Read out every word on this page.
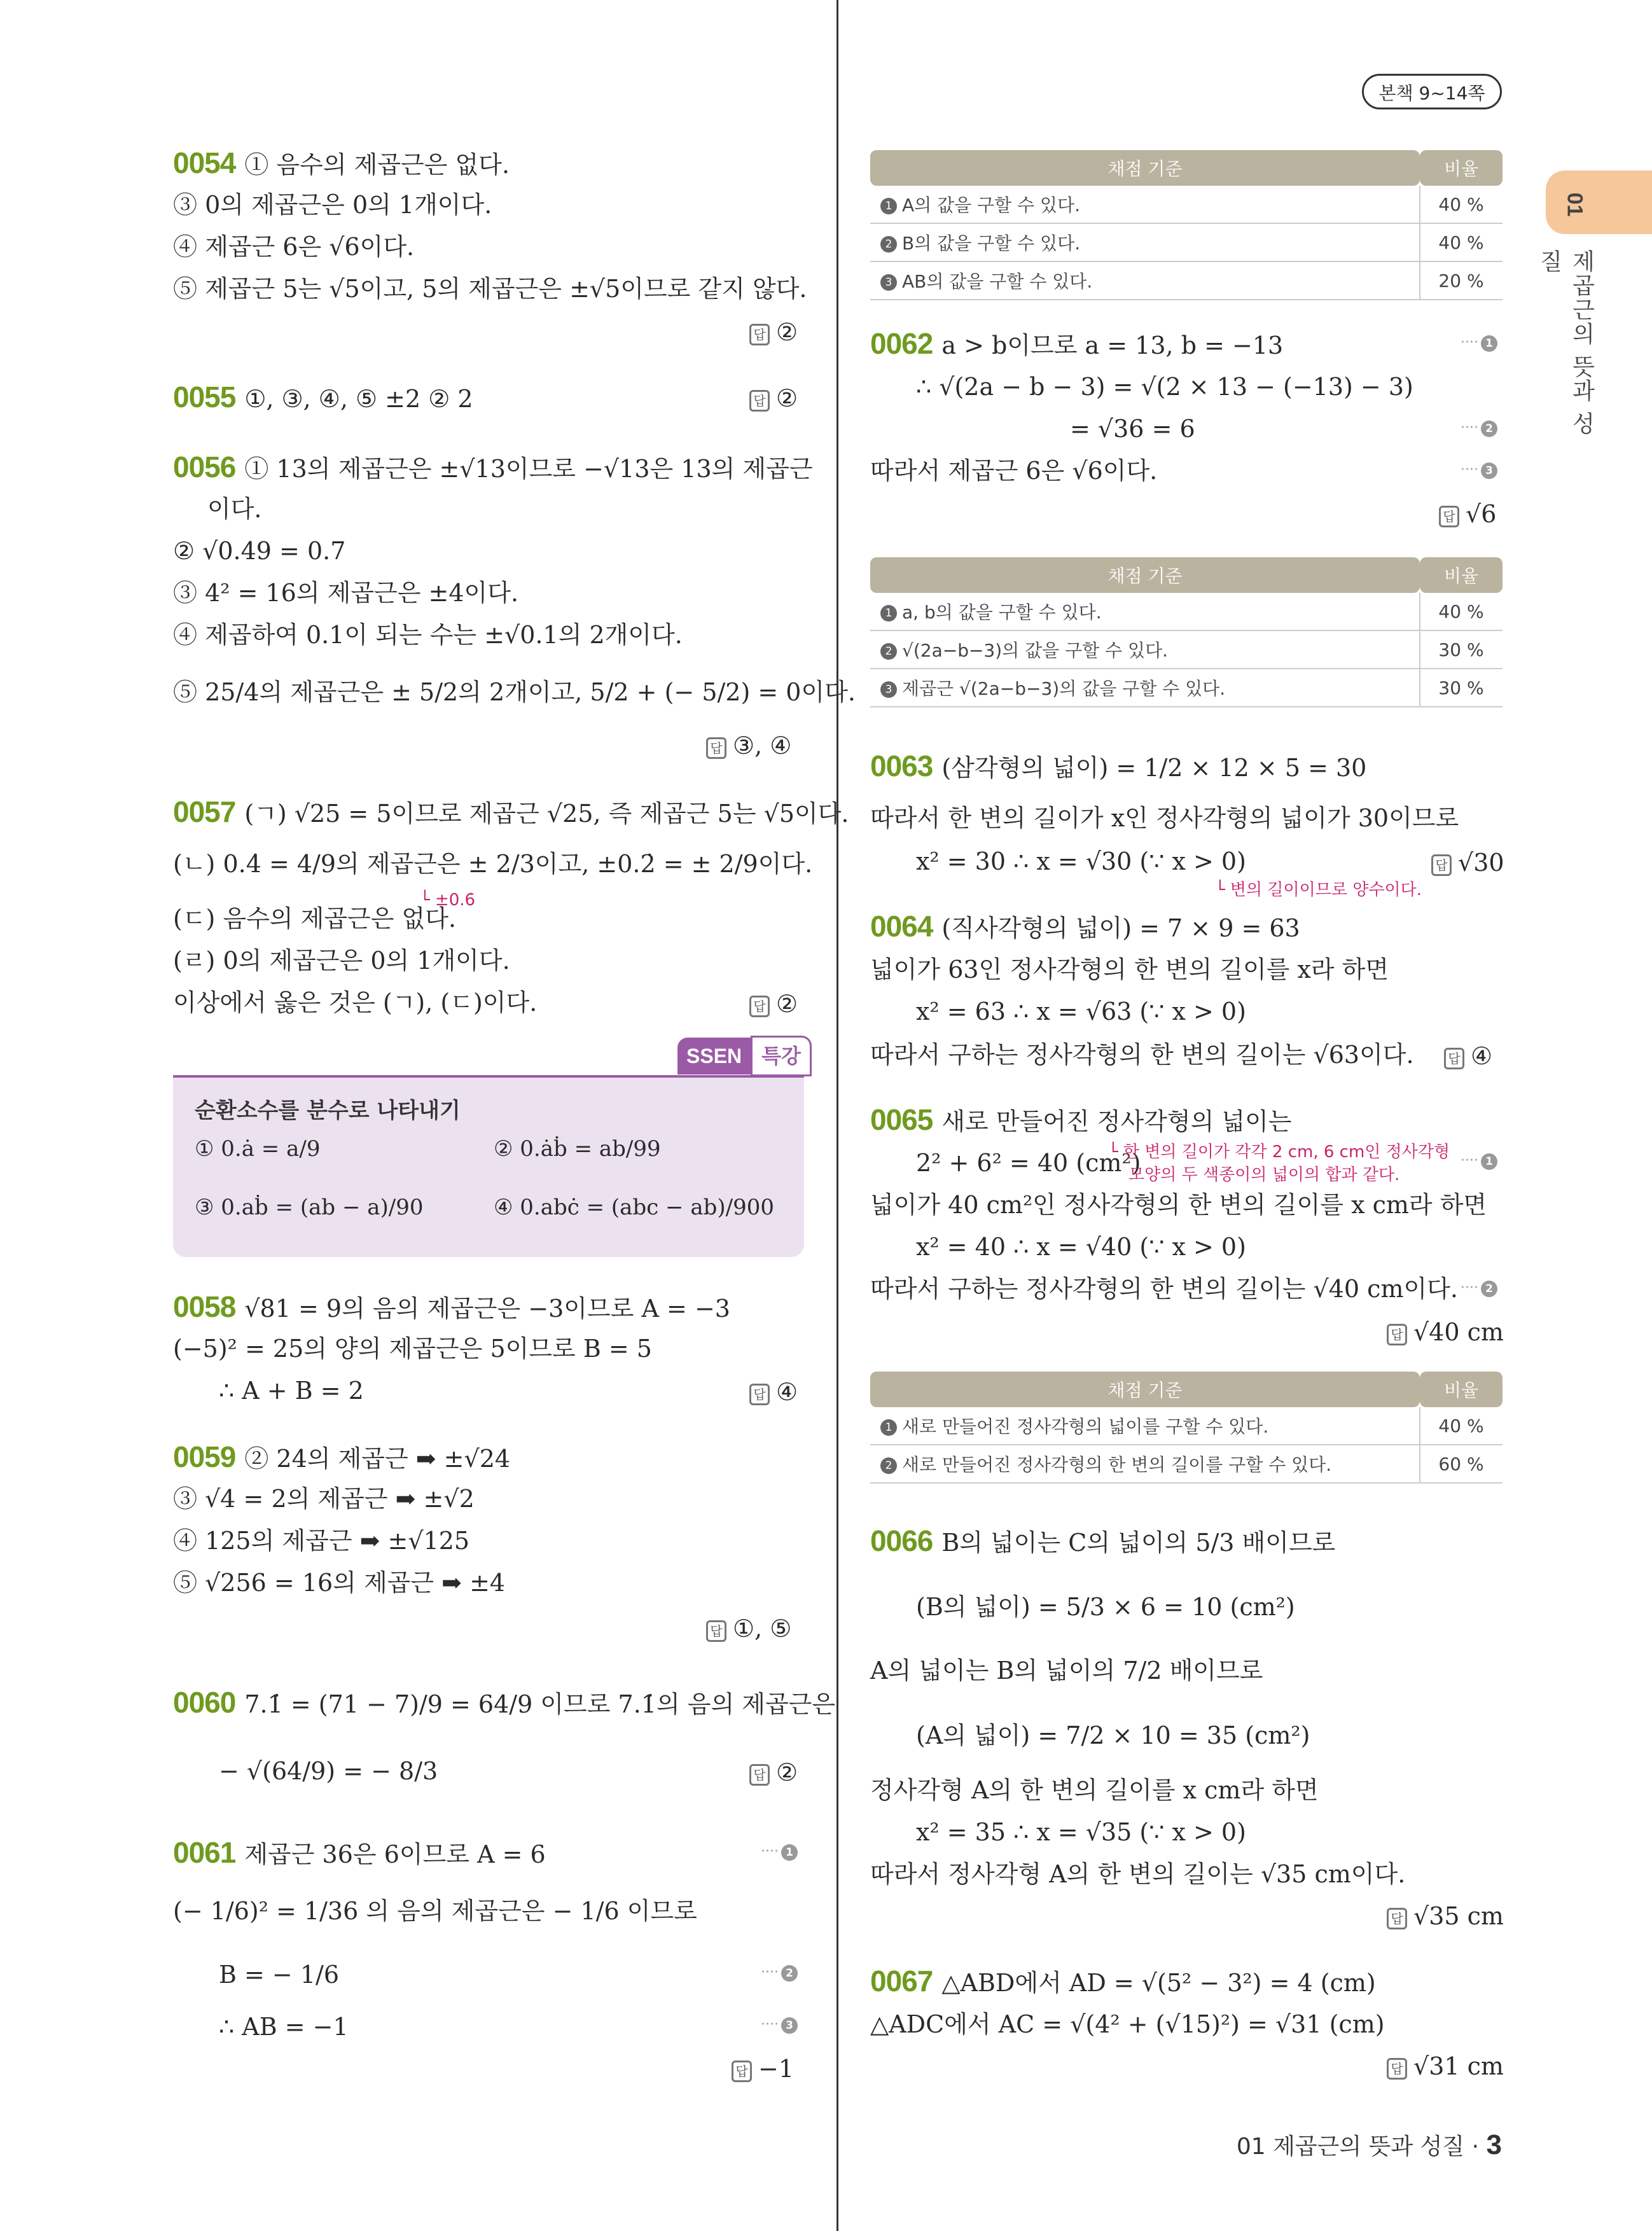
본책 9~14쪽
01
제곱근의 뜻과 성질
0054 ① 음수의 제곱근은 없다.
③ 0의 제곱근은 0의 1개이다.
④ 제곱근 6은 √6이다.
⑤ 제곱근 5는 √5이고, 5의 제곱근은 ±√5이므로 같지 않다.
답 ②
0055 ①, ③, ④, ⑤ ±2 ② 2	답 ②
0056 ① 13의 제곱근은 ±√13이므로 −√13은 13의 제곱근
이다.
② √0.49 = 0.7
③ 4² = 16의 제곱근은 ±4이다.
④ 제곱하여 0.1이 되는 수는 ±√0.1의 2개이다.
⑤ 25/4의 제곱근은 ± 5/2의 2개이고, 5/2 + (− 5/2) = 0이다.
답 ③, ④
0057 (ㄱ) √25 = 5이므로 제곱근 √25, 즉 제곱근 5는 √5이다.
(ㄴ) 0.4̇ = 4/9의 제곱근은 ± 2/3이고, ±0.2̇ = ± 2/9이다.
└ ±0.6̇
(ㄷ) 음수의 제곱근은 없다.
(ㄹ) 0의 제곱근은 0의 1개이다.
이상에서 옳은 것은 (ㄱ), (ㄷ)이다.	답 ②
SSEN 특강
순환소수를 분수로 나타내기
① 0.ȧ = a/9	② 0.ȧḃ = ab/99
③ 0.aḃ = (ab − a)/90	④ 0.abċ = (abc − ab)/900
0058 √81 = 9의 음의 제곱근은 −3이므로 A = −3
(−5)² = 25의 양의 제곱근은 5이므로 B = 5
∴ A + B = 2	답 ④
0059 ② 24의 제곱근 ➡ ±√24
③ √4 = 2의 제곱근 ➡ ±√2
④ 125의 제곱근 ➡ ±√125
⑤ √256 = 16의 제곱근 ➡ ±4
답 ①, ⑤
0060 7.1̇ = (71 − 7)/9 = 64/9 이므로 7.1̇의 음의 제곱근은
− √(64/9) = − 8/3	답 ②
0061 제곱근 36은 6이므로 A = 6	···· 1
(− 1/6)² = 1/36 의 음의 제곱근은 − 1/6 이므로
B = − 1/6	···· 2
∴ AB = −1	···· 3
답 −1
채점 기준	비율
1 A의 값을 구할 수 있다.	40 %
2 B의 값을 구할 수 있다.	40 %
3 AB의 값을 구할 수 있다.	20 %
0062 a > b이므로 a = 13, b = −13	···· 1
∴ √(2a − b − 3) = √(2 × 13 − (−13) − 3)
= √36 = 6	···· 2
따라서 제곱근 6은 √6이다.	···· 3
답 √6
채점 기준	비율
1 a, b의 값을 구할 수 있다.	40 %
2 √(2a−b−3)의 값을 구할 수 있다.	30 %
3 제곱근 √(2a−b−3)의 값을 구할 수 있다.	30 %
0063 (삼각형의 넓이) = 1/2 × 12 × 5 = 30
따라서 한 변의 길이가 x인 정사각형의 넓이가 30이므로
x² = 30 ∴ x = √30 (∵ x > 0)
└ 변의 길이이므로 양수이다.
답 √30
0064 (직사각형의 넓이) = 7 × 9 = 63
넓이가 63인 정사각형의 한 변의 길이를 x라 하면
x² = 63 ∴ x = √63 (∵ x > 0)
따라서 구하는 정사각형의 한 변의 길이는 √63이다.	답 ④
0065 새로 만들어진 정사각형의 넓이는
2² + 6² = 40 (cm²)
└ 한 변의 길이가 각각 2 cm, 6 cm인 정사각형
모양의 두 색종이의 넓이의 합과 같다.
···· 1
넓이가 40 cm²인 정사각형의 한 변의 길이를 x cm라 하면
x² = 40 ∴ x = √40 (∵ x > 0)
따라서 구하는 정사각형의 한 변의 길이는 √40 cm이다. ···· 2
답 √40 cm
채점 기준	비율
1 새로 만들어진 정사각형의 넓이를 구할 수 있다.	40 %
2 새로 만들어진 정사각형의 한 변의 길이를 구할 수 있다.	60 %
0066 B의 넓이는 C의 넓이의 5/3 배이므로
(B의 넓이) = 5/3 × 6 = 10 (cm²)
A의 넓이는 B의 넓이의 7/2 배이므로
(A의 넓이) = 7/2 × 10 = 35 (cm²)
정사각형 A의 한 변의 길이를 x cm라 하면
x² = 35 ∴ x = √35 (∵ x > 0)
따라서 정사각형 A의 한 변의 길이는 √35 cm이다.
답 √35 cm
0067 △ABD에서 AD = √(5² − 3²) = 4 (cm)
△ADC에서 AC = √(4² + (√15)²) = √31 (cm)
답 √31 cm
01 제곱근의 뜻과 성질 · 3
